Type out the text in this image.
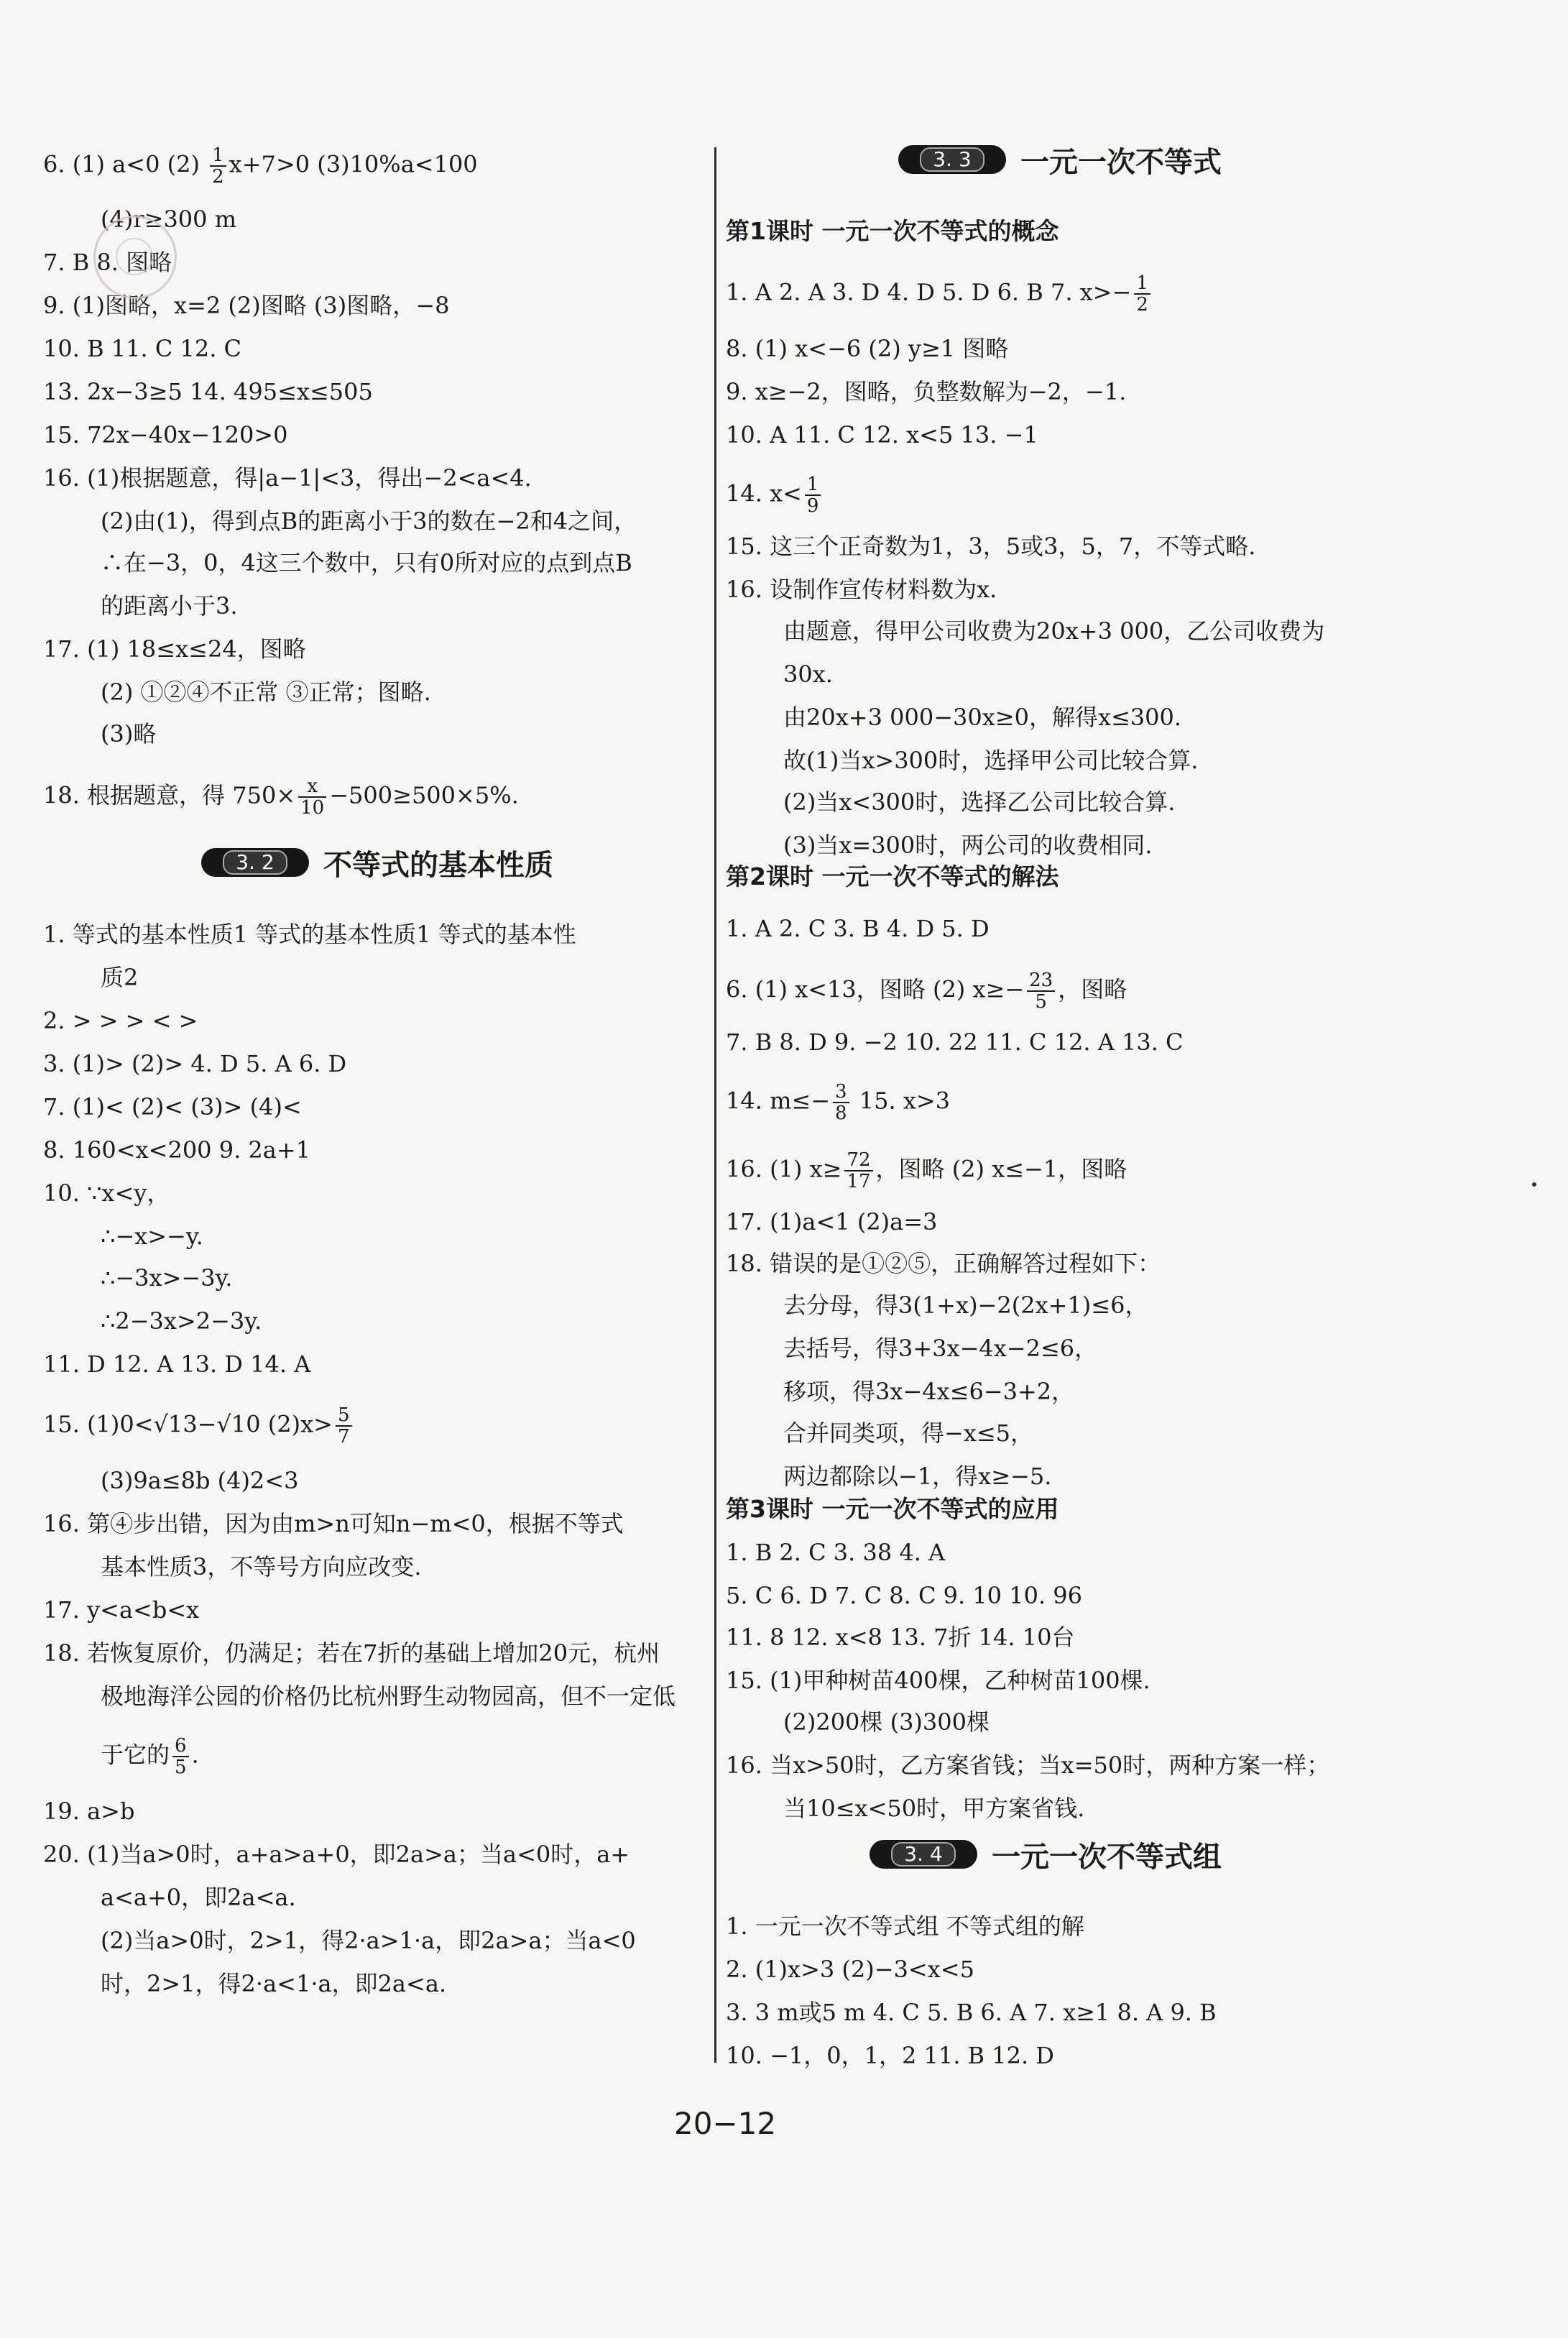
6. (1) a<0 $(2) \frac{1}{2} x+7>0$ (3)10%a<100
(4)r≥300 m
7. B 8. 图略
9. (1)图略，x=2 (2)图略 (3)图略，−8
10. B 11. C 12. C
13. 2x−3≥5 14. 495≤x≤505
15. 72x−40x−120>0
16. (1)根据题意，得|a−1|<3，得出−2<a<4.
(2)由(1)，得到点B的距离小于3的数在−2和4之间，
∴在−3，0，4这三个数中，只有0所对应的点到点B
的距离小于3.
17. (1) 18≤x≤24，图略
(2) ①②④不正常 ③正常；图略.
(3)略
18. 根据题意，得 $750\times \frac{x}{10} -500\ge 500\times 5\%$.
1. 等式的基本性质1 等式的基本性质1 等式的基本性
质2
2. > > > < >
3. (1)> (2)> 4. D 5. A 6. D
7. (1)< (2)< (3)> (4)<
8. 160<x<200 9. 2a+1
10. ∵x<y，
∴−x>−y.
∴−3x>−3y.
∴2−3x>2−3y.
11. D 12. A 13. D 14. A
15. (1)0<√13−√10 $(2)x> \frac{5}{7}$
(3)9a≤8b (4)2<3
16. 第④步出错，因为由m>n可知n−m<0，根据不等式
基本性质3，不等号方向应改变.
17. y<a<b<x
18. 若恢复原价，仍满足；若在7折的基础上增加20元，杭州
极地海洋公园的价格仍比杭州野生动物园高，但不一定低
于它的 $\frac{6}{5}$ .
19. a>b
20. (1)当a>0时，a+a>a+0，即2a>a；当a<0时，a+
a<a+0，即2a<a.
(2)当a>0时，2>1，得2·a>1·a，即2a>a；当a<0
时，2>1，得2·a<1·a，即2a<a.
3. 2	不等式的基本性质
1. A 2. A 3. D 4. D 5. D 6. B 7. $x>- \frac{1}{2}$
8. (1) x<−6 (2) y≥1 图略
9. x≥−2，图略，负整数解为−2，−1.
10. A 11. C 12. x<5 13. −1
14. $x< \frac{1}{9}$
15. 这三个正奇数为1，3，5或3，5，7，不等式略.
16. 设制作宣传材料数为x.
由题意，得甲公司收费为20x+3 000，乙公司收费为
30x.
由20x+3 000−30x≥0，解得x≤300.
故(1)当x>300时，选择甲公司比较合算.
(2)当x<300时，选择乙公司比较合算.
(3)当x=300时，两公司的收费相同.
1. A 2. C 3. B 4. D 5. D
6. (1) x<13，图略 (2) $x\ge- \frac{23}{5}$ ，图略
7. B 8. D 9. −2 10. 22 11. C 12. A 13. C
14. $m\le- \frac{3}{8} 15$. x>3
16. (1) $x\ge \frac{72}{17}$ ，图略 (2) x≤−1，图略
17. (1)a<1 (2)a=3
18. 错误的是①②⑤，正确解答过程如下：
去分母，得3(1+x)−2(2x+1)≤6，
去括号，得3+3x−4x−2≤6，
移项，得3x−4x≤6−3+2，
合并同类项，得−x≤5，
两边都除以−1，得x≥−5.
1. B 2. C 3. 38 4. A
5. C 6. D 7. C 8. C 9. 10 10. 96
11. 8 12. x<8 13. 7折 14. 10台
15. (1)甲种树苗400棵，乙种树苗100棵.
(2)200棵 (3)300棵
16. 当x>50时，乙方案省钱；当x=50时，两种方案一样；
当10≤x<50时，甲方案省钱.
1. 一元一次不等式组 不等式组的解
2. (1)x>3 (2)−3<x<5
3. 3 m或5 m 4. C 5. B 6. A 7. x≥1 8. A 9. B
10. −1，0，1，2 11. B 12. D
3. 3	一元一次不等式
3. 4	一元一次不等式组
第1课时 一元一次不等式的概念
第2课时 一元一次不等式的解法
第3课时 一元一次不等式的应用
20−12
